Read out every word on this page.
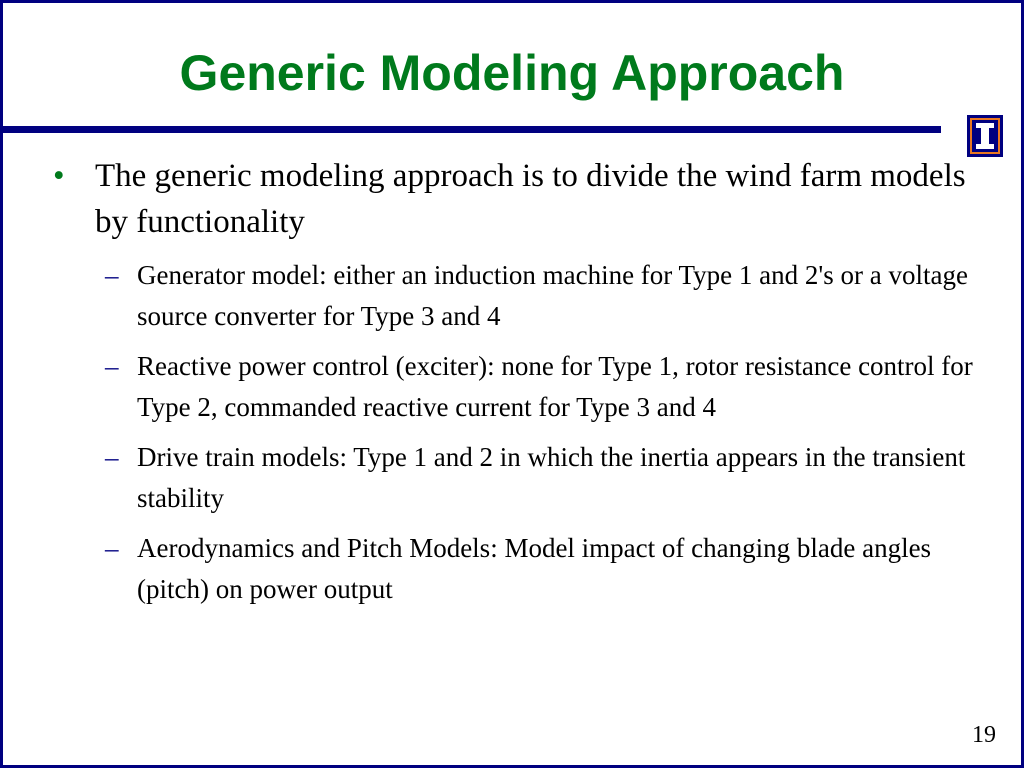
Generic Modeling Approach
• The generic modeling approach is to divide the wind farm models by functionality
– Generator model: either an induction machine for Type 1 and 2's or a voltage source converter for Type 3 and 4
– Reactive power control (exciter): none for Type 1, rotor resistance control for Type 2, commanded reactive current for Type 3 and 4
– Drive train models: Type 1 and 2 in which the inertia appears in the transient stability
– Aerodynamics and Pitch Models: Model impact of changing blade angles (pitch) on power output
19
